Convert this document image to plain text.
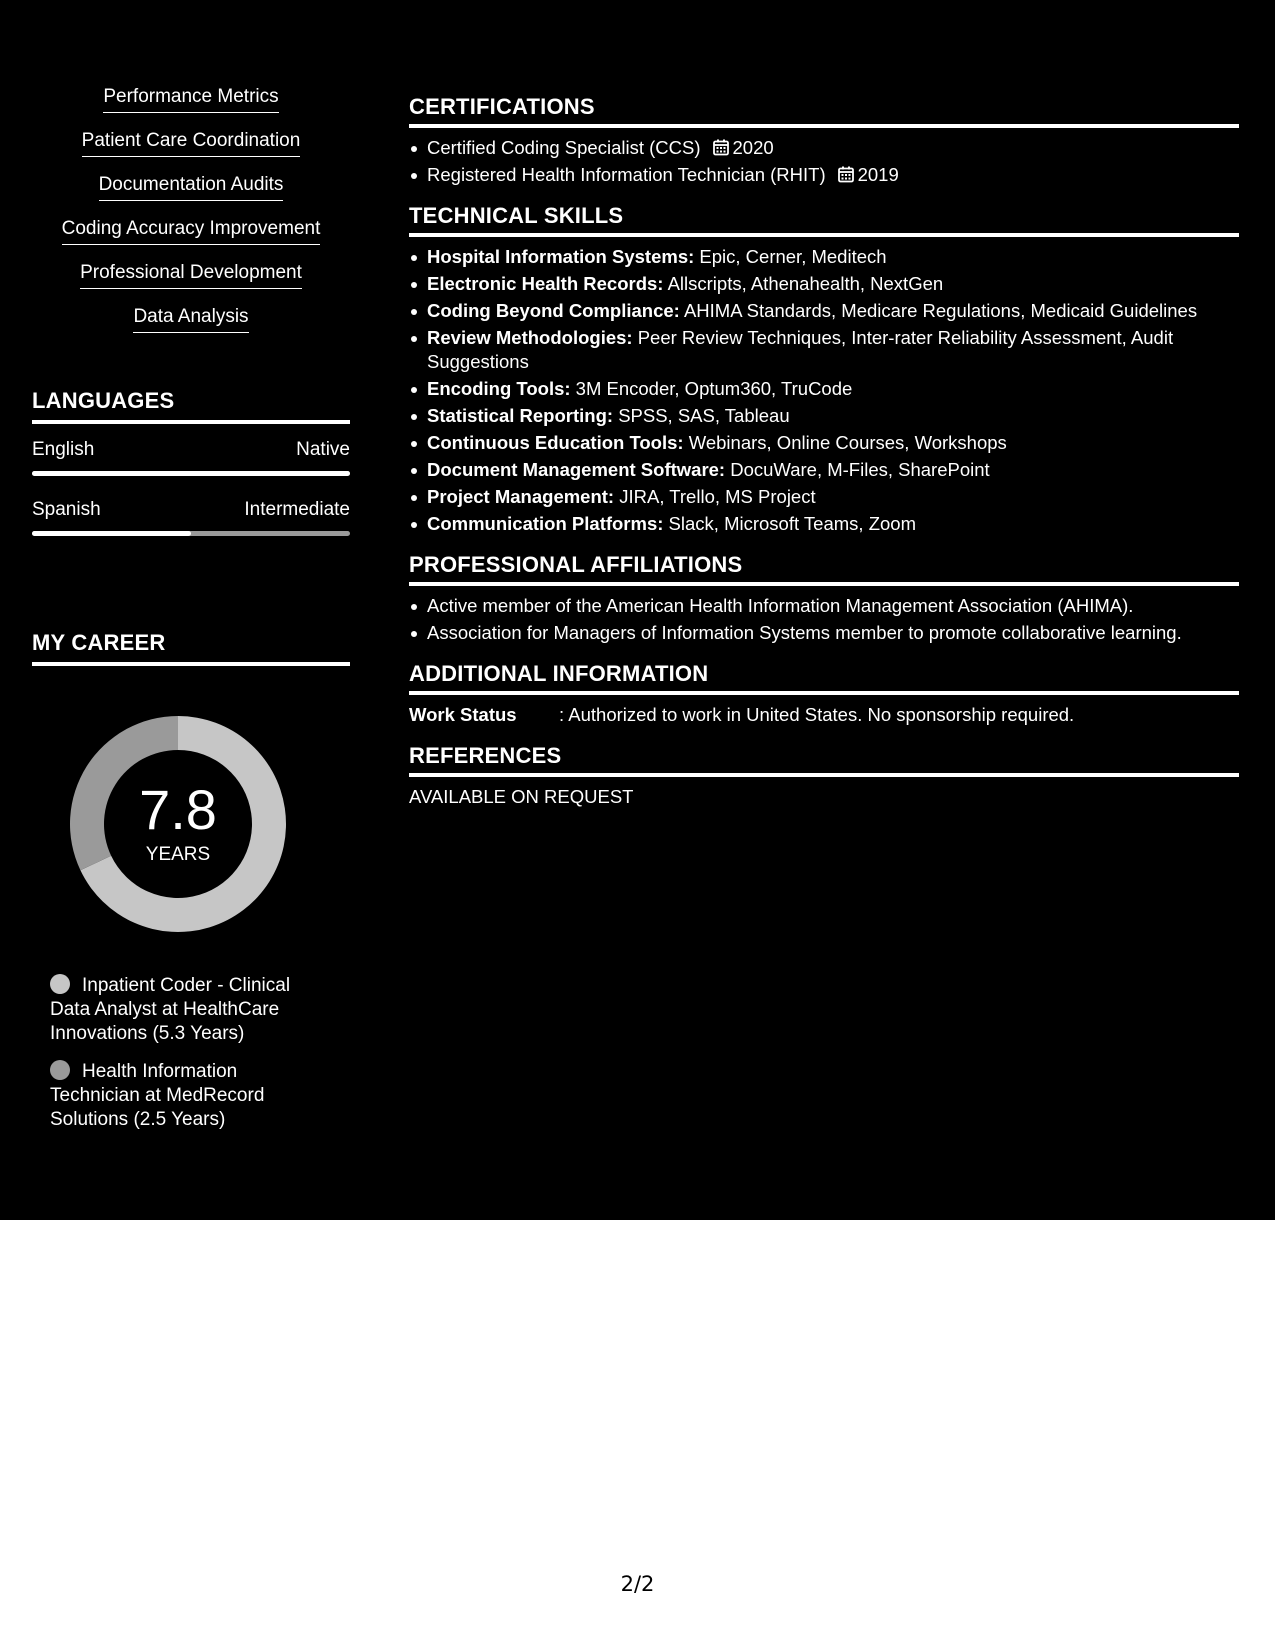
Performance Metrics
Patient Care Coordination
Documentation Audits
Coding Accuracy Improvement
Professional Development
Data Analysis
LANGUAGES
English	Native
Spanish	Intermediate
MY CAREER
7.8
YEARS
Inpatient Coder - Clinical Data Analyst at HealthCare Innovations (5.3 Years)
Health Information Technician at MedRecord Solutions (2.5 Years)
CERTIFICATIONS
Certified Coding Specialist (CCS) 2020
Registered Health Information Technician (RHIT) 2019
TECHNICAL SKILLS
Hospital Information Systems: Epic, Cerner, Meditech
Electronic Health Records: Allscripts, Athenahealth, NextGen
Coding Beyond Compliance: AHIMA Standards, Medicare Regulations, Medicaid Guidelines
Review Methodologies: Peer Review Techniques, Inter-rater Reliability Assessment, Audit Suggestions
Encoding Tools: 3M Encoder, Optum360, TruCode
Statistical Reporting: SPSS, SAS, Tableau
Continuous Education Tools: Webinars, Online Courses, Workshops
Document Management Software: DocuWare, M-Files, SharePoint
Project Management: JIRA, Trello, MS Project
Communication Platforms: Slack, Microsoft Teams, Zoom
PROFESSIONAL AFFILIATIONS
Active member of the American Health Information Management Association (AHIMA).
Association for Managers of Information Systems member to promote collaborative learning.
ADDITIONAL INFORMATION
Work Status	: Authorized to work in United States. No sponsorship required.
REFERENCES
AVAILABLE ON REQUEST
2/2
